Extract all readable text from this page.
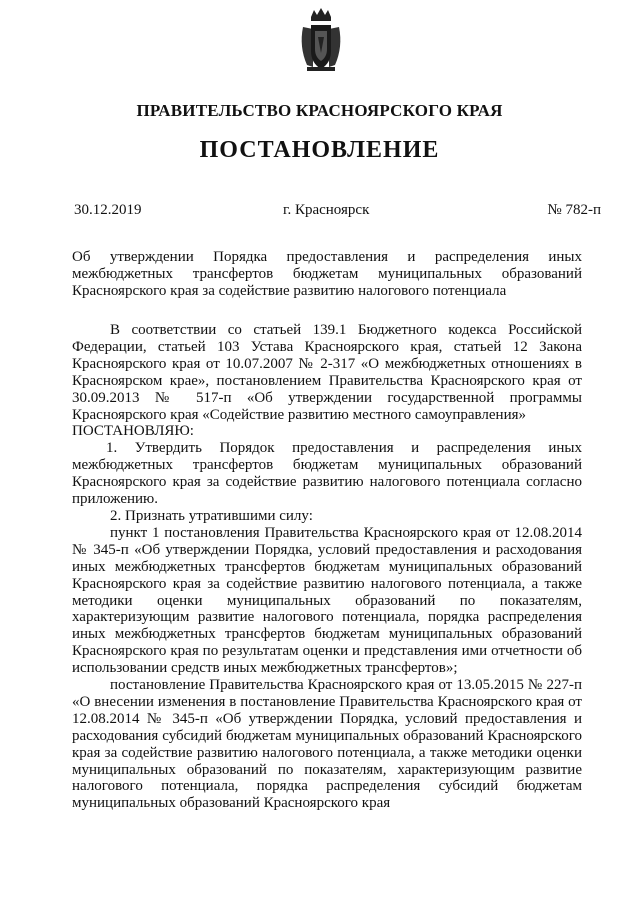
ПРАВИТЕЛЬСТВО КРАСНОЯРСКОГО КРАЯ
ПОСТАНОВЛЕНИЕ
30.12.2019	г. Красноярск	№ 782-п
Об утверждении Порядка предоставления и распределения иных межбюджетных трансфертов бюджетам муниципальных образований Красноярского края за содействие развитию налогового потенциала

В соответствии со статьей 139.1 Бюджетного кодекса Российской Федерации, статьей 103 Устава Красноярского края, статьей 12 Закона Красноярского края от 10.07.2007 № 2-317 «О межбюджетных отношениях в Красноярском крае», постановлением Правительства Красноярского края от 30.09.2013 № 517-п «Об утверждении государственной программы Красноярского края «Содействие развитию местного самоуправления»

ПОСТАНОВЛЯЮ:

1. Утвердить Порядок предоставления и распределения иных межбюджетных трансфертов бюджетам муниципальных образований Красноярского края за содействие развитию налогового потенциала согласно приложению.

2. Признать утратившими силу:

пункт 1 постановления Правительства Красноярского края от 12.08.2014 № 345-п «Об утверждении Порядка, условий предоставления и расходования иных межбюджетных трансфертов бюджетам муниципальных образований Красноярского края за содействие развитию налогового потенциала, а также методики оценки муниципальных образований по показателям, характеризующим развитие налогового потенциала, порядка распределения иных межбюджетных трансфертов бюджетам муниципальных образований Красноярского края по результатам оценки и представления ими отчетности об использовании средств иных межбюджетных трансфертов»;

постановление Правительства Красноярского края от 13.05.2015 № 227-п «О внесении изменения в постановление Правительства Красноярского края от 12.08.2014 № 345-п «Об утверждении Порядка, условий предоставления и расходования субсидий бюджетам муниципальных образований Красноярского края за содействие развитию налогового потенциала, а также методики оценки муниципальных образований по показателям, характеризующим развитие налогового потенциала, порядка распределения субсидий бюджетам муниципальных образований Красноярского края
